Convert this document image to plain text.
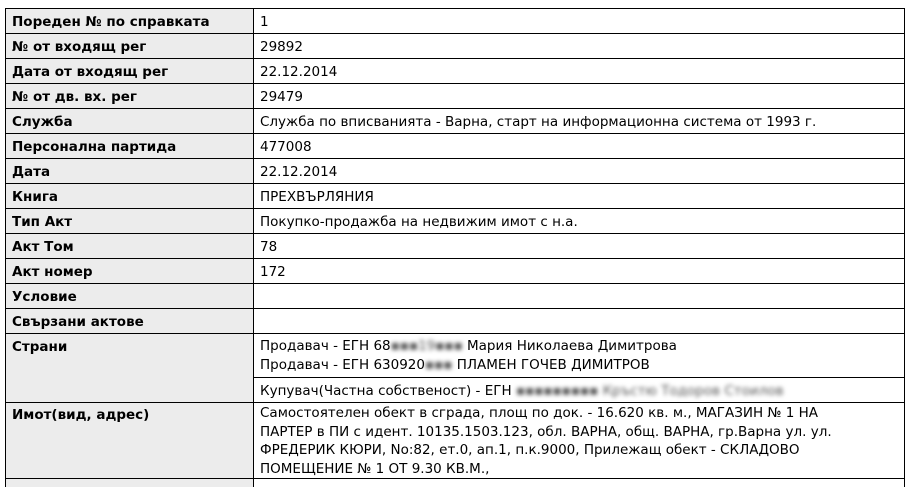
Пореден № по справката	1
№ от входящ рег	29892
Дата от входящ рег	22.12.2014
№ от дв. вх. рег	29479
Служба	Служба по вписванията - Варна, старт на информационна система от 1993 г.
Персонална партида	477008
Дата	22.12.2014
Книга	ПРЕХВЪРЛЯНИЯ
Тип Акт	Покупко-продажба на недвижим имот с н.а.
Акт Том	78
Акт номер	172
Условие	
Свързани актове	
Страни	Продавач - ЕГН 68▪▪▪19▪▪▪ Мария Николаева Димитрова
Продавач - ЕГН 630920▪▪▪ ПЛАМЕН ГОЧЕВ ДИМИТРОВ
Купувач(Частна собственост) - ЕГН ▪▪▪▪▪▪▪▪▪ Кръстю Тодоров Стоилов

Имот(вид, адрес)	Самостоятелен обект в сграда, площ по док. - 16.620 кв. м., МАГАЗИН № 1 НА
ПАРТЕР в ПИ с идент. 10135.1503.123, обл. ВАРНА, общ. ВАРНА, гр.Варна ул. ул.
ФРЕДЕРИК КЮРИ, No:82, ет.0, ап.1, п.к.9000, Прилежащ обект - СКЛАДОВО
ПОМЕЩЕНИЕ № 1 ОТ 9.30 КВ.М.,
